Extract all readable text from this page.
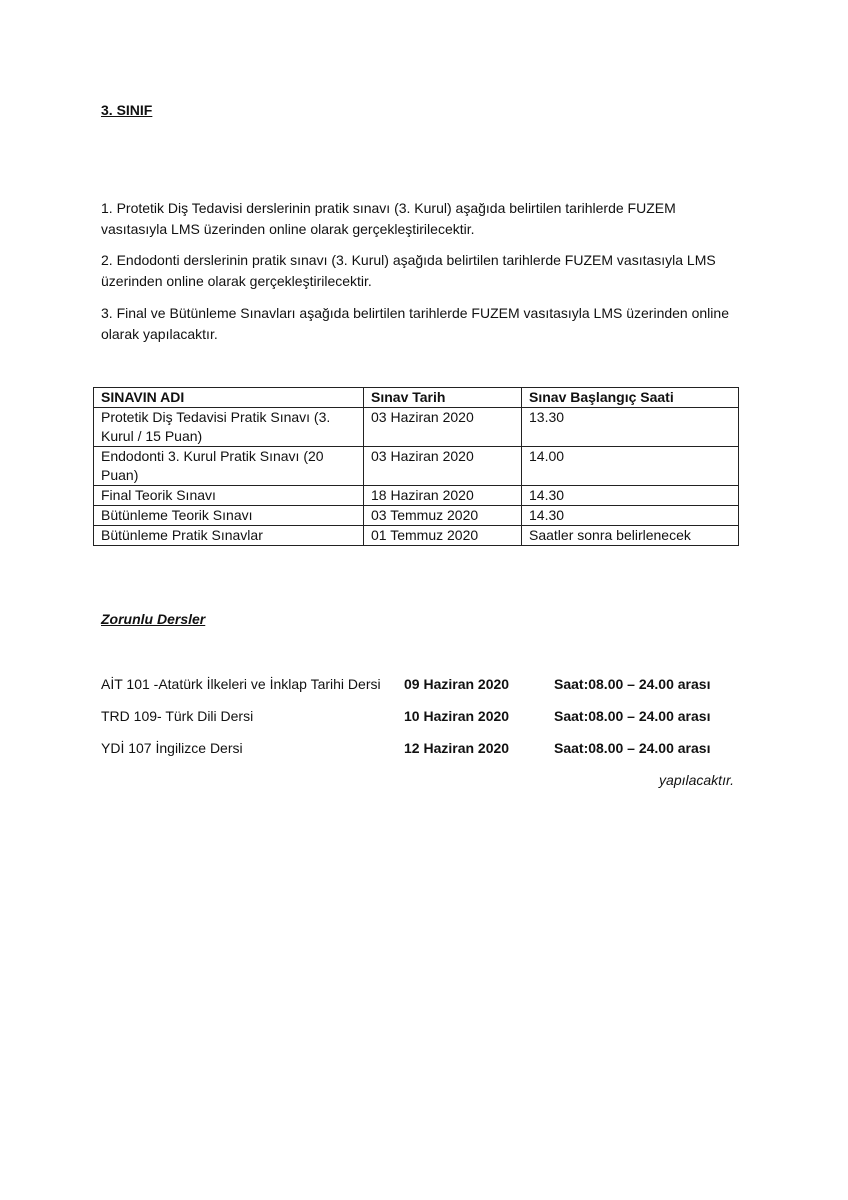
3. SINIF
1. Protetik Diş Tedavisi derslerinin pratik sınavı (3. Kurul) aşağıda belirtilen tarihlerde FUZEM vasıtasıyla LMS üzerinden online olarak gerçekleştirilecektir.
2. Endodonti derslerinin pratik sınavı (3. Kurul) aşağıda belirtilen tarihlerde FUZEM vasıtasıyla LMS üzerinden online olarak gerçekleştirilecektir.
3. Final ve Bütünleme Sınavları aşağıda belirtilen tarihlerde FUZEM vasıtasıyla LMS üzerinden online olarak yapılacaktır.
SINAVIN ADI	Sınav Tarih	Sınav Başlangıç Saati
Protetik Diş Tedavisi Pratik Sınavı (3. Kurul / 15 Puan)	03 Haziran 2020	13.30
Endodonti 3. Kurul Pratik Sınavı (20 Puan)	03 Haziran 2020	14.00
Final Teorik Sınavı	18 Haziran 2020	14.30
Bütünleme Teorik Sınavı	03 Temmuz 2020	14.30
Bütünleme Pratik Sınavlar	01 Temmuz 2020	Saatler sonra belirlenecek
Zorunlu Dersler
AİT 101 -Atatürk İlkeleri ve İnklap Tarihi Dersi 09 Haziran 2020	Saat:08.00 – 24.00 arası
TRD 109- Türk Dili Dersi	10 Haziran 2020	Saat:08.00 – 24.00 arası
YDİ 107 İngilizce Dersi	12 Haziran 2020	Saat:08.00 – 24.00 arası
yapılacaktır.
